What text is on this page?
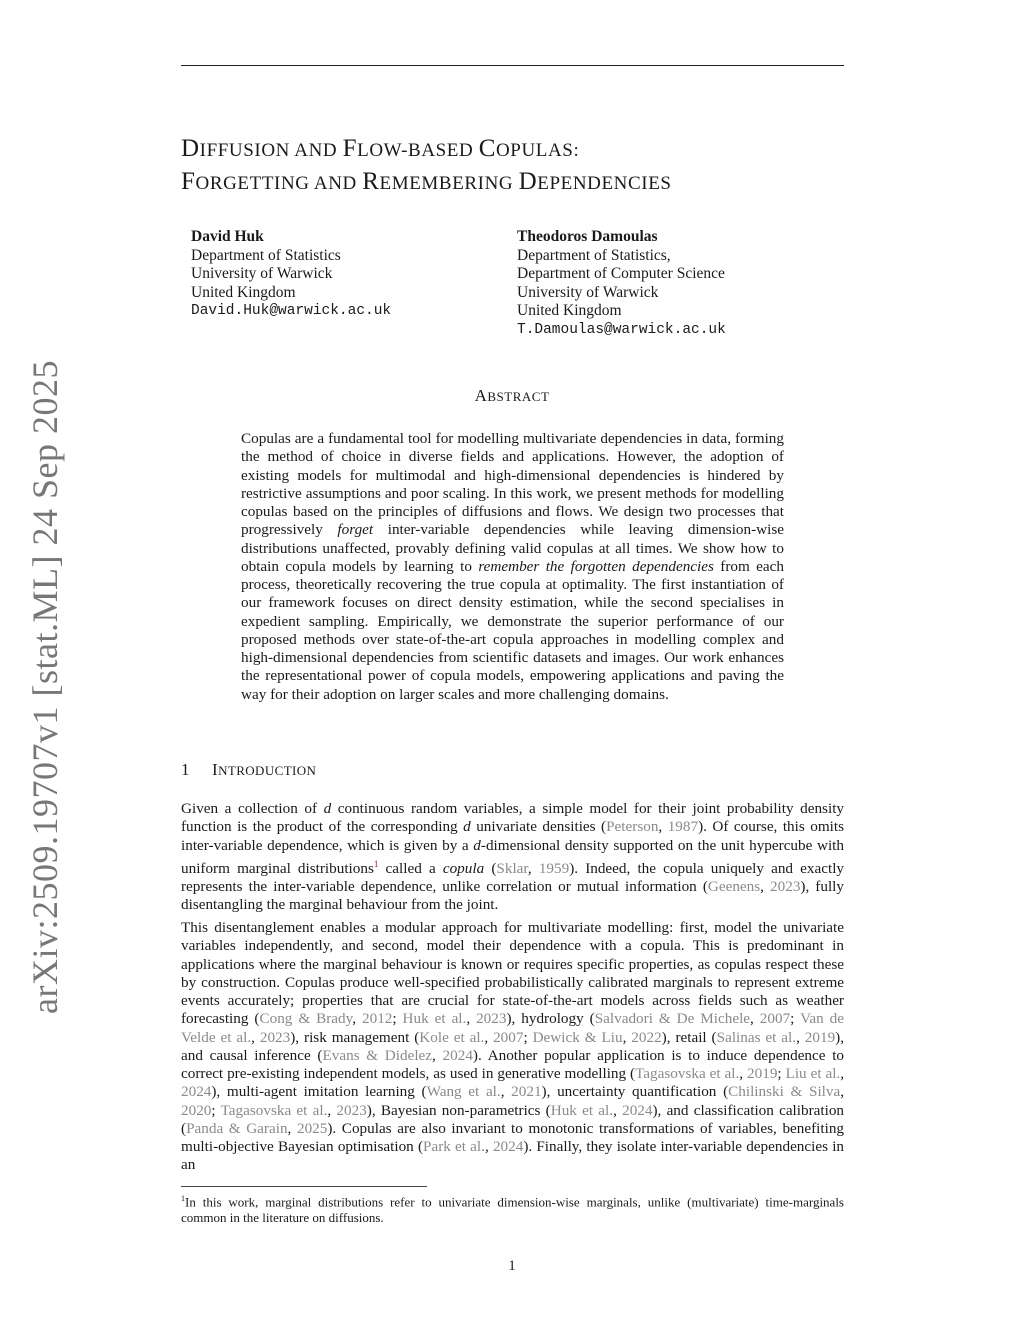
arXiv:2509.19707v1 [stat.ML] 24 Sep 2025
DIFFUSION AND FLOW-BASED COPULAS:
FORGETTING AND REMEMBERING DEPENDENCIES
David Huk
Department of Statistics
University of Warwick
United Kingdom
David.Huk@warwick.ac.uk
Theodoros Damoulas
Department of Statistics,
Department of Computer Science
University of Warwick
United Kingdom
T.Damoulas@warwick.ac.uk
ABSTRACT
Copulas are a fundamental tool for modelling multivariate dependencies in data, forming the method of choice in diverse fields and applications. However, the adoption of existing models for multimodal and high-dimensional dependencies is hindered by restrictive assumptions and poor scaling. In this work, we present methods for modelling copulas based on the principles of diffusions and flows. We design two processes that progressively forget inter-variable dependencies while leaving dimension-wise distributions unaffected, provably defining valid copulas at all times. We show how to obtain copula models by learning to remember the forgotten dependencies from each process, theoretically recovering the true copula at optimality. The first instantiation of our framework focuses on direct density estimation, while the second specialises in expedient sampling. Empirically, we demonstrate the superior performance of our proposed methods over state-of-the-art copula approaches in modelling complex and high-dimensional dependencies from scientific datasets and images. Our work enhances the representational power of copula models, empowering applications and paving the way for their adoption on larger scales and more challenging domains.
1 INTRODUCTION
Given a collection of d continuous random variables, a simple model for their joint probability density function is the product of the corresponding d univariate densities (Peterson, 1987). Of course, this omits inter-variable dependence, which is given by a d-dimensional density supported on the unit hypercube with uniform marginal distributions$^1$ called a copula (Sklar, 1959). Indeed, the copula uniquely and exactly represents the inter-variable dependence, unlike correlation or mutual information (Geenens, 2023), fully disentangling the marginal behaviour from the joint.
This disentanglement enables a modular approach for multivariate modelling: first, model the univariate variables independently, and second, model their dependence with a copula. This is predominant in applications where the marginal behaviour is known or requires specific properties, as copulas respect these by construction. Copulas produce well-specified probabilistically calibrated marginals to represent extreme events accurately; properties that are crucial for state-of-the-art models across fields such as weather forecasting (Cong & Brady, 2012; Huk et al., 2023), hydrology (Salvadori & De Michele, 2007; Van de Velde et al., 2023), risk management (Kole et al., 2007; Dewick & Liu, 2022), retail (Salinas et al., 2019), and causal inference (Evans & Didelez, 2024). Another popular application is to induce dependence to correct pre-existing independent models, as used in generative modelling (Tagasovska et al., 2019; Liu et al., 2024), multi-agent imitation learning (Wang et al., 2021), uncertainty quantification (Chilinski & Silva, 2020; Tagasovska et al., 2023), Bayesian non-parametrics (Huk et al., 2024), and classification calibration (Panda & Garain, 2025). Copulas are also invariant to monotonic transformations of variables, benefiting multi-objective Bayesian optimisation (Park et al., 2024). Finally, they isolate inter-variable dependencies in an
$^1$In this work, marginal distributions refer to univariate dimension-wise marginals, unlike (multivariate) time-marginals common in the literature on diffusions.
1
